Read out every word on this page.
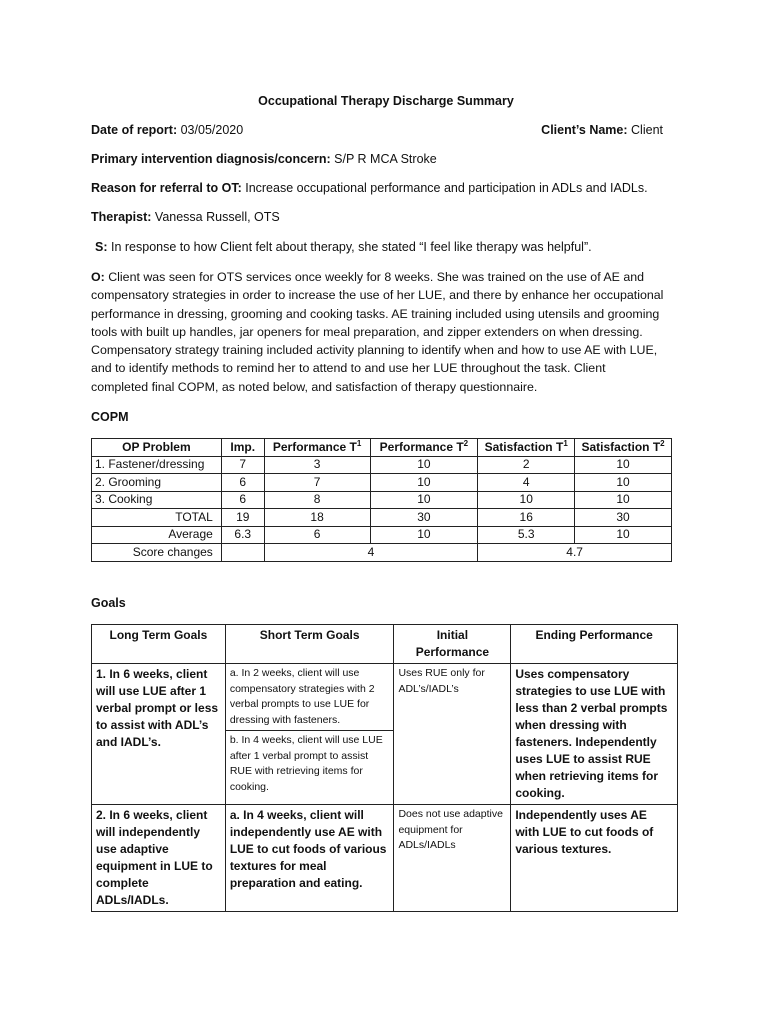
Occupational Therapy Discharge Summary
Date of report: 03/05/2020	Client’s Name: Client
Primary intervention diagnosis/concern: S/P R MCA Stroke
Reason for referral to OT: Increase occupational performance and participation in ADLs and IADLs.
Therapist: Vanessa Russell, OTS
S: In response to how Client felt about therapy, she stated “I feel like therapy was helpful”.
O: Client was seen for OTS services once weekly for 8 weeks. She was trained on the use of AE and
compensatory strategies in order to increase the use of her LUE, and there by enhance her occupational
performance in dressing, grooming and cooking tasks. AE training included using utensils and grooming
tools with built up handles, jar openers for meal preparation, and zipper extenders on when dressing.
Compensatory strategy training included activity planning to identify when and how to use AE with LUE,
and to identify methods to remind her to attend to and use her LUE throughout the task. Client
completed final COPM, as noted below, and satisfaction of therapy questionnaire.
COPM
OP Problem	Imp.	Performance $T^1$	Performance $T^2$	Satisfaction $T^1$	Satisfaction $T^2$
1. Fastener/dressing	7	3	10	2	10
2. Grooming	6	7	10	4	10
3. Cooking	6	8	10	10	10
TOTAL	19	18	30	16	30
Average	6.3	6	10	5.3	10
Score changes		4		4.7	
Goals
Long Term Goals	Short Term Goals	Initial Performance	Ending Performance
1. In 6 weeks, client will use LUE after 1 verbal prompt or less to assist with ADL’s and IADL’s.	a. In 2 weeks, client will use compensatory strategies with 2 verbal prompts to use LUE for dressing with fasteners.
b. In 4 weeks, client will use LUE after 1 verbal prompt to assist RUE with retrieving items for cooking.	Uses RUE only for ADL’s/IADL’s	Uses compensatory strategies to use LUE with less than 2 verbal prompts when dressing with fasteners. Independently uses LUE to assist RUE when retrieving items for cooking.
2. In 6 weeks, client will independently use adaptive equipment in LUE to complete ADLs/IADLs.	a. In 4 weeks, client will independently use AE with LUE to cut foods of various textures for meal preparation and eating.	Does not use adaptive equipment for ADLs/IADLs	Independently uses AE with LUE to cut foods of various textures.
